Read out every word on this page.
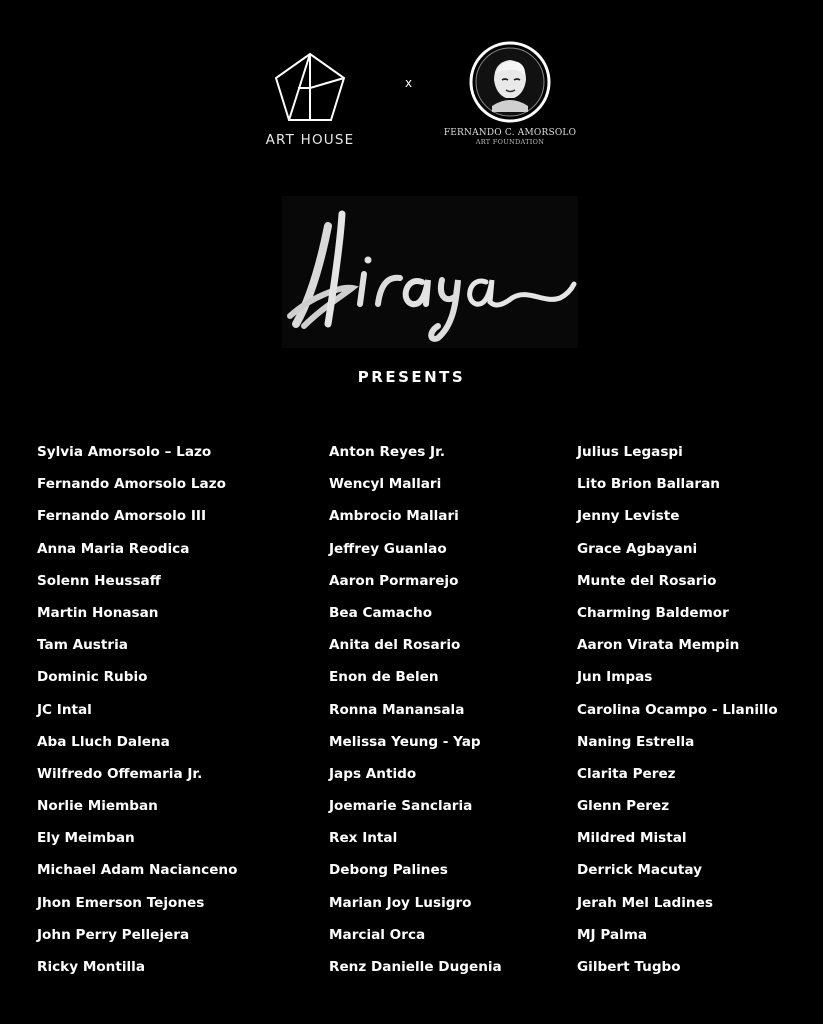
ART HOUSE
x
FERNANDO C. AMORSOLO
ART FOUNDATION
PRESENTS
Sylvia Amorsolo – Lazo
Fernando Amorsolo Lazo
Fernando Amorsolo III
Anna Maria Reodica
Solenn Heussaff
Martin Honasan
Tam Austria
Dominic Rubio
JC Intal
Aba Lluch Dalena
Wilfredo Offemaria Jr.
Norlie Miemban
Ely Meimban
Michael Adam Nacianceno
Jhon Emerson Tejones
John Perry Pellejera
Ricky Montilla
Anton Reyes Jr.
Wencyl Mallari
Ambrocio Mallari
Jeffrey Guanlao
Aaron Pormarejo
Bea Camacho
Anita del Rosario
Enon de Belen
Ronna Manansala
Melissa Yeung - Yap
Japs Antido
Joemarie Sanclaria
Rex Intal
Debong Palines
Marian Joy Lusigro
Marcial Orca
Renz Danielle Dugenia
Julius Legaspi
Lito Brion Ballaran
Jenny Leviste
Grace Agbayani
Munte del Rosario
Charming Baldemor
Aaron Virata Mempin
Jun Impas
Carolina Ocampo - Llanillo
Naning Estrella
Clarita Perez
Glenn Perez
Mildred Mistal
Derrick Macutay
Jerah Mel Ladines
MJ Palma
Gilbert Tugbo
